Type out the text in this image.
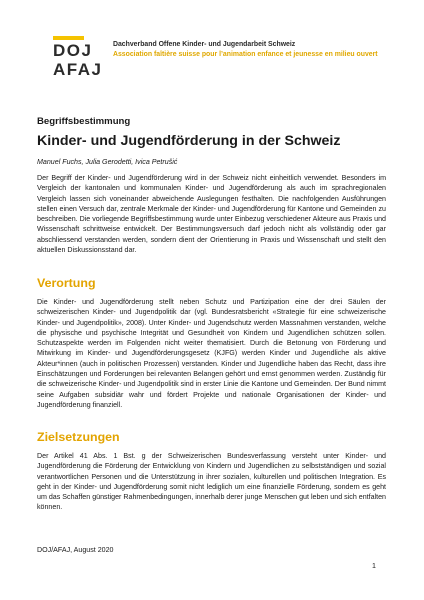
DOJ
AFAJ
Dachverband Offene Kinder- und Jugendarbeit Schweiz
Association faîtière suisse pour l’animation enfance et jeunesse en milieu ouvert
Begriffsbestimmung
Kinder- und Jugendförderung in der Schweiz
Manuel Fuchs, Julia Gerodetti, Ivica Petrušić

Der Begriff der Kinder- und Jugendförderung wird in der Schweiz nicht einheitlich verwendet. Besonders im Vergleich der kantonalen und kommunalen Kinder- und Jugendförderung als auch im sprachregionalen Vergleich lassen sich voneinander abweichende Auslegungen festhalten. Die nachfolgenden Ausführungen stellen einen Versuch dar, zentrale Merkmale der Kinder- und Jugendförderung für Kantone und Gemeinden zu beschreiben. Die vorliegende Begriffsbestimmung wurde unter Einbezug verschiedener Akteure aus Praxis und Wissenschaft schrittweise entwickelt. Der Bestimmungsversuch darf jedoch nicht als vollständig oder gar abschliessend verstanden werden, sondern dient der Orientierung in Praxis und Wissenschaft und stellt den aktuellen Diskussionsstand dar.

Verortung

Die Kinder- und Jugendförderung stellt neben Schutz und Partizipation eine der drei Säulen der schweizerischen Kinder- und Jugendpolitik dar (vgl. Bundesratsbericht «Strategie für eine schweizerische Kinder- und Jugendpolitik», 2008). Unter Kinder- und Jugendschutz werden Massnahmen verstanden, welche die physische und psychische Integrität und Gesundheit von Kindern und Jugendlichen schützen sollen. Schutzaspekte werden im Folgenden nicht weiter thematisiert. Durch die Betonung von Förderung und Mitwirkung im Kinder- und Jugendförderungsgesetz (KJFG) werden Kinder und Jugendliche als aktive Akteur*innen (auch in politischen Prozessen) verstanden. Kinder und Jugendliche haben das Recht, dass ihre Einschätzungen und Forderungen bei relevanten Belangen gehört und ernst genommen werden. Zuständig für die schweizerische Kinder- und Jugendpolitik sind in erster Linie die Kantone und Gemeinden. Der Bund nimmt seine Aufgaben subsidiär wahr und fördert Projekte und nationale Organisationen der Kinder- und Jugendförderung finanziell.

Zielsetzungen

Der Artikel 41 Abs. 1 Bst. g der Schweizerischen Bundesverfassung versteht unter Kinder- und Jugendförderung die Förderung der Entwicklung von Kindern und Jugendlichen zu selbstständigen und sozial verantwortlichen Personen und die Unterstützung in ihrer sozialen, kulturellen und politischen Integration. Es geht in der Kinder- und Jugendförderung somit nicht lediglich um eine finanzielle Förderung, sondern es geht um das Schaffen günstiger Rahmenbedingungen, innerhalb derer junge Menschen gut leben und sich entfalten können.

DOJ/AFAJ, August 2020
1
